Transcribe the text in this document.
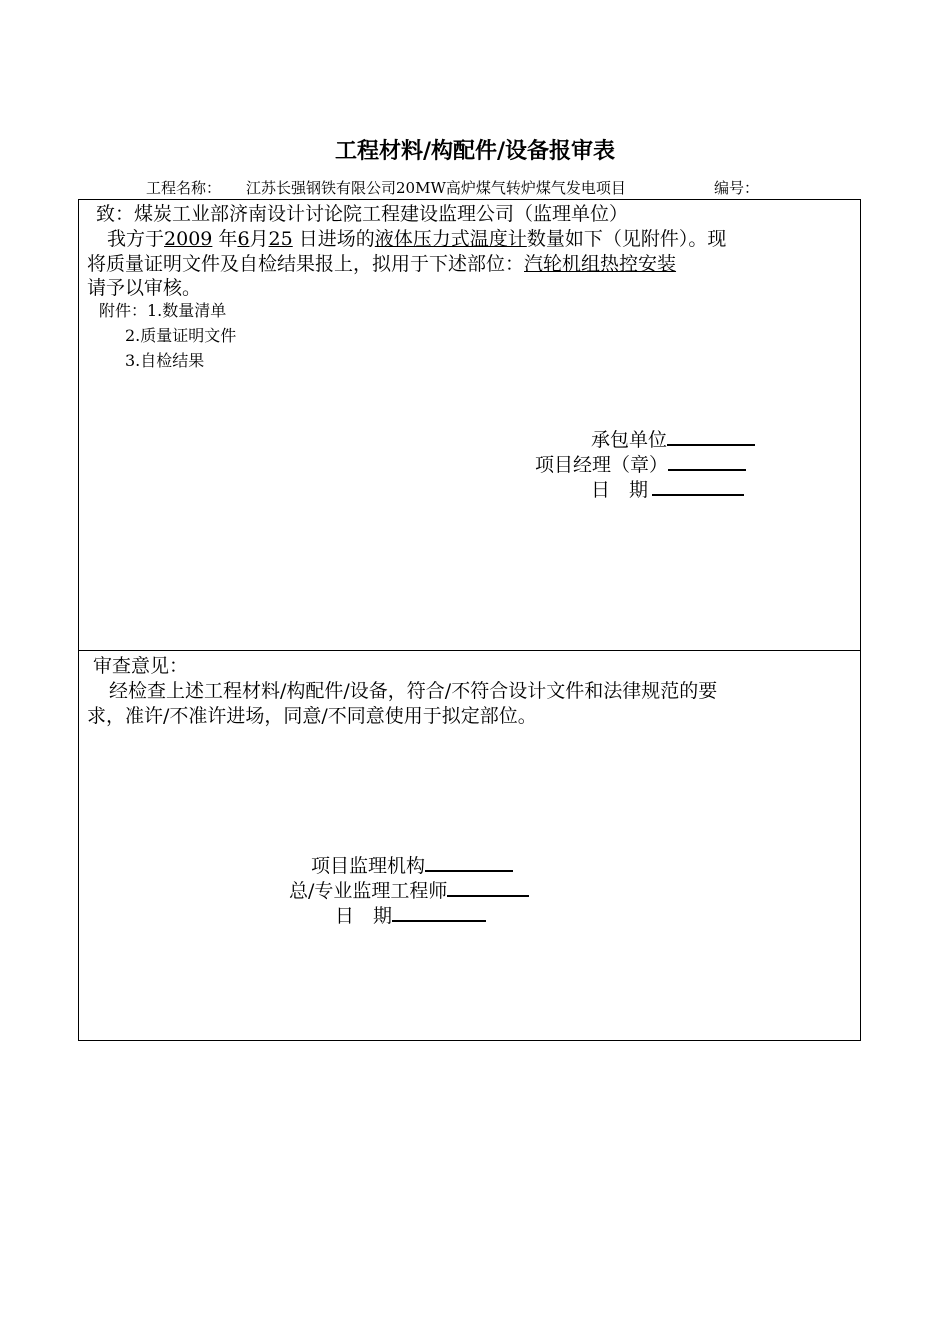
工程材料/构配件/设备报审表
工程名称： 江苏长强钢铁有限公司20MW高炉煤气转炉煤气发电项目	编号：
致：煤炭工业部济南设计讨论院工程建设监理公司（监理单位）
我方于2009 年6月25 日进场的液体压力式温度计数量如下（见附件）。现
将质量证明文件及自检结果报上，拟用于下述部位：汽轮机组热控安装
请予以审核。
附件：1.数量清单
2.质量证明文件
3.自检结果
承包单位
项目经理（章）
日　期
审查意见：
经检查上述工程材料/构配件/设备，符合/不符合设计文件和法律规范的要
求，准许/不准许进场，同意/不同意使用于拟定部位。
项目监理机构
总/专业监理工程师
日　期
